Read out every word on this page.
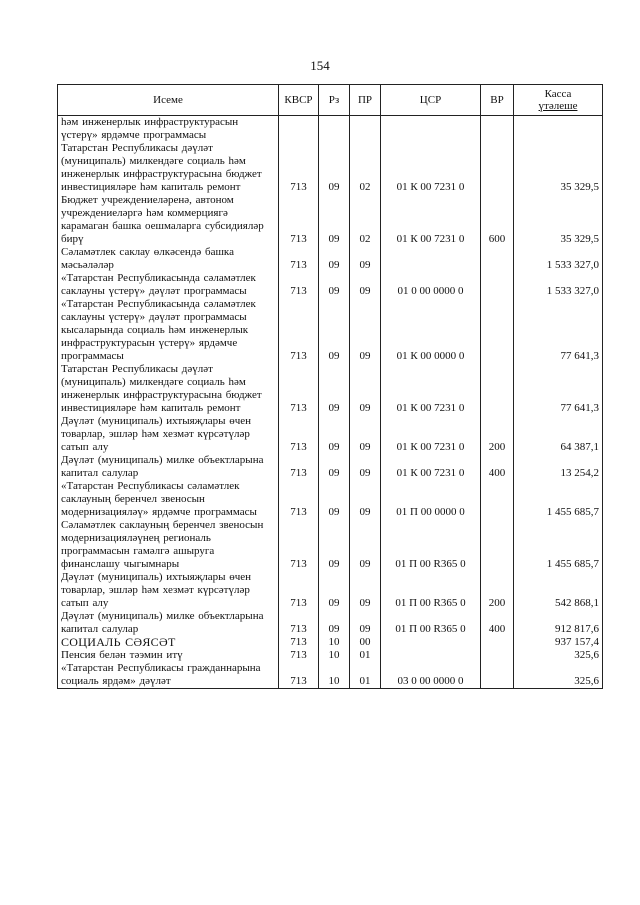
154
Исеме	КВСР	Рз	ПР	ЦСР	ВР	Касса
үтәлеше

һәм инженерлык инфраструктурасын үстерү» ярдәмче программасы						
Татарстан Республикасы дәүләт (муниципаль) милкендәге социаль һәм инженерлык инфраструктурасына бюджет инвестицияләре һәм капиталь ремонт	713	09	02	01 К 00 7231 0		35 329,5
Бюджет учреждениеләренә, автоном учреждениеләргә һәм коммерциягә карамаган башка оешмаларга субсидияләр бирү	713	09	02	01 К 00 7231 0	600	35 329,5
Сәламәтлек саклау өлкәсендә башка мәсьәләләр	713	09	09			1 533 327,0
«Татарстан Республикасында сәламәтлек саклауны үстерү» дәүләт программасы	713	09	09	01 0 00 0000 0		1 533 327,0
«Татарстан Республикасында сәламәтлек саклауны үстерү» дәүләт программасы кысаларында социаль һәм инженерлык инфраструктурасын үстерү» ярдәмче программасы	713	09	09	01 К 00 0000 0		77 641,3
Татарстан Республикасы дәүләт (муниципаль) милкендәге социаль һәм инженерлык инфраструктурасына бюджет инвестицияләре һәм капиталь ремонт	713	09	09	01 К 00 7231 0		77 641,3
Дәүләт (муниципаль) ихтыяҗлары өчен товарлар, эшләр һәм хезмәт күрсәтүләр сатып алу	713	09	09	01 К 00 7231 0	200	64 387,1
Дәүләт (муниципаль) милке объектларына капитал салулар	713	09	09	01 К 00 7231 0	400	13 254,2
«Татарстан Республикасы сәламәтлек саклауның беренчел звеносын модернизацияләү» ярдәмче программасы	713	09	09	01 П 00 0000 0		1 455 685,7
Сәламәтлек саклауның беренчел звеносын модернизацияләүнең региональ программасын гамәлгә ашыруга финанслашу чыгымнары	713	09	09	01 П 00 R365 0		1 455 685,7
Дәүләт (муниципаль) ихтыяҗлары өчен товарлар, эшләр һәм хезмәт күрсәтүләр сатып алу	713	09	09	01 П 00 R365 0	200	542 868,1
Дәүләт (муниципаль) милке объектларына капитал салулар	713	09	09	01 П 00 R365 0	400	912 817,6
СОЦИАЛЬ СӘЯСӘТ	713	10	00			937 157,4
Пенсия белән тәэмин итү	713	10	01			325,6
«Татарстан Республикасы гражданнарына социаль ярдәм» дәүләт	713	10	01	03 0 00 0000 0		325,6
